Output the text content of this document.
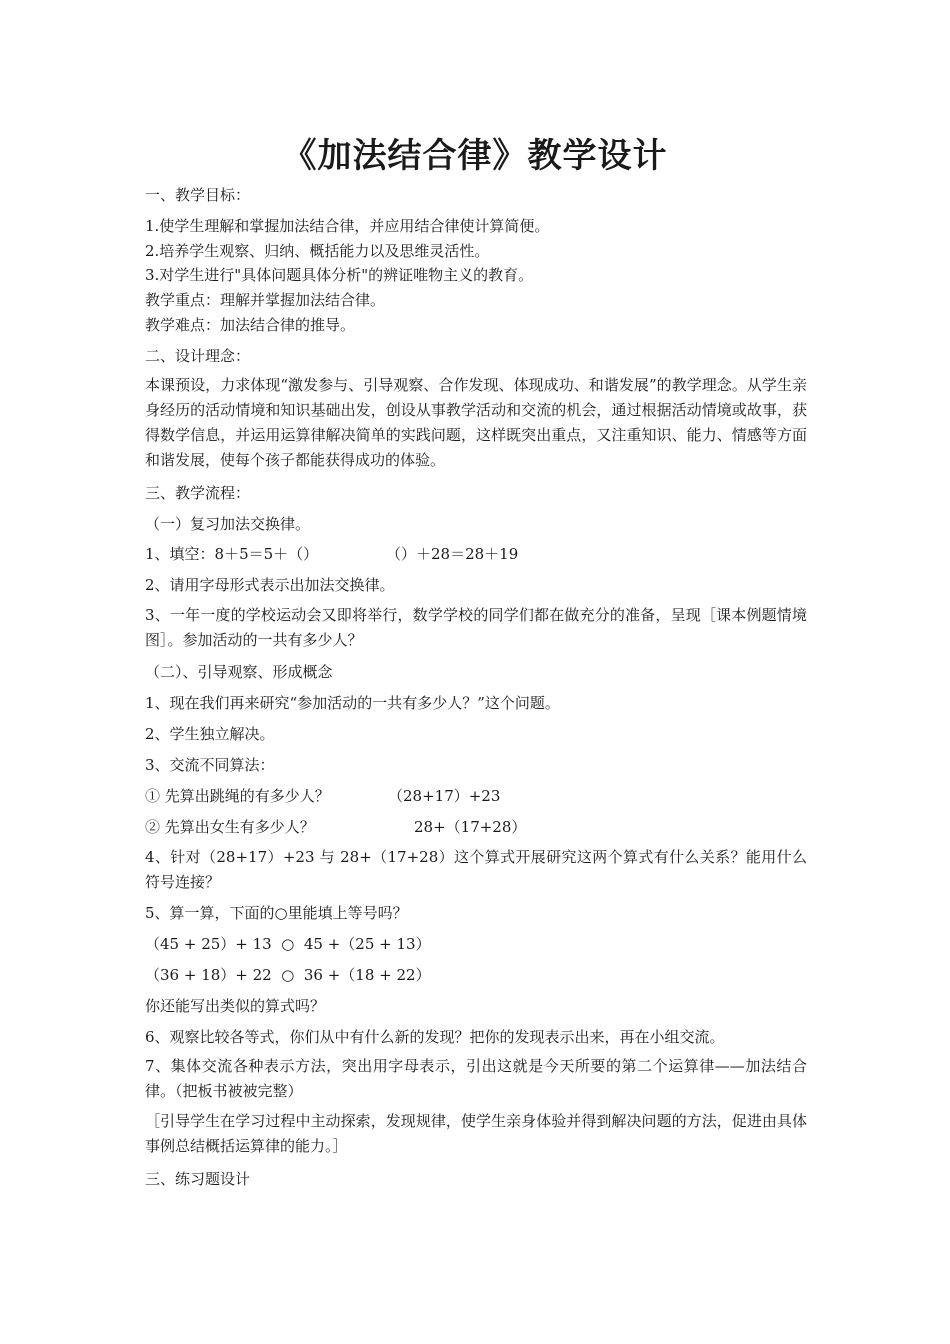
《加法结合律》教学设计
一、教学目标：
1.使学生理解和掌握加法结合律，并应用结合律使计算简便。
2.培养学生观察、归纳、概括能力以及思维灵活性。
3.对学生进行"具体问题具体分析"的辨证唯物主义的教育。
教学重点：理解并掌握加法结合律。
教学难点：加法结合律的推导。
二、设计理念：
本课预设，力求体现“激发参与、引导观察、合作发现、体现成功、和谐发展”的教学理念。从学生亲身经历的活动情境和知识基础出发，创设从事教学活动和交流的机会，通过根据活动情境或故事，获得数学信息，并运用运算律解决简单的实践问题，这样既突出重点，又注重知识、能力、情感等方面和谐发展，使每个孩子都能获得成功的体验。
三、教学流程：
（一）复习加法交换律。
1、填空：8＋5＝5＋（）	（）＋28＝28＋19
2、请用字母形式表示出加法交换律。
3、一年一度的学校运动会又即将举行，数学学校的同学们都在做充分的准备，呈现［课本例题情境图］。参加活动的一共有多少人？
（二）、引导观察、形成概念
1、现在我们再来研究“参加活动的一共有多少人？”这个问题。
2、学生独立解决。
3、交流不同算法：
① 先算出跳绳的有多少人？	（28+17）+23
② 先算出女生有多少人？	28+（17+28）
4、针对（28+17）+23 与 28+（17+28）这个算式开展研究这两个算式有什么关系？能用什么符号连接？
5、算一算，下面的○里能填上等号吗？
（45 + 25）+ 13  ○  45 +（25 + 13）
（36 + 18）+ 22  ○  36 +（18 + 22）
你还能写出类似的算式吗？
6、观察比较各等式，你们从中有什么新的发现？把你的发现表示出来，再在小组交流。
7、集体交流各种表示方法，突出用字母表示，引出这就是今天所要的第二个运算律——加法结合律。（把板书被被完整）
［引导学生在学习过程中主动探索，发现规律，使学生亲身体验并得到解决问题的方法，促进由具体事例总结概括运算律的能力。］
三、练习题设计
